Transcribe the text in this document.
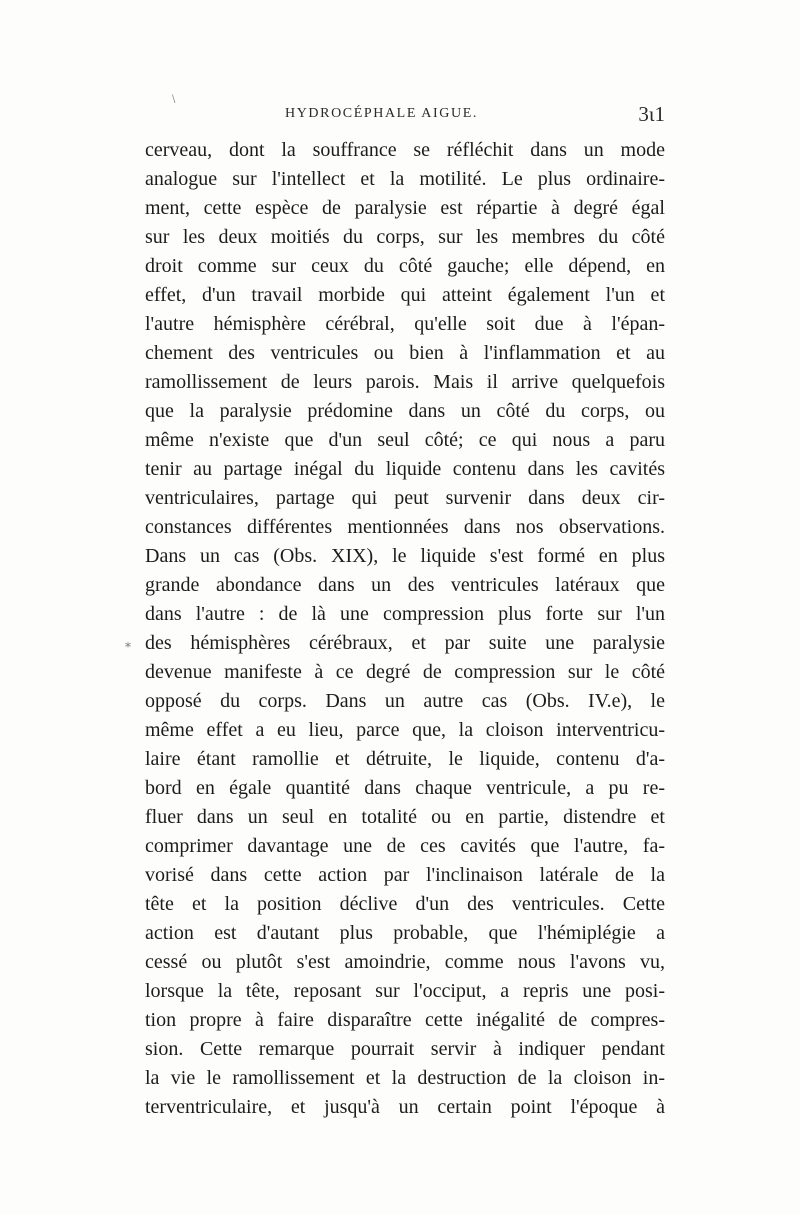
\
HYDROCÉPHALE AIGUE.	3ɩ1
*
cerveau, dont la souffrance se réfléchit dans un mode
analogue sur l'intellect et la motilité. Le plus ordinaire-
ment, cette espèce de paralysie est répartie à degré égal
sur les deux moitiés du corps, sur les membres du côté
droit comme sur ceux du côté gauche; elle dépend, en
effet, d'un travail morbide qui atteint également l'un et
l'autre hémisphère cérébral, qu'elle soit due à l'épan-
chement des ventricules ou bien à l'inflammation et au
ramollissement de leurs parois. Mais il arrive quelquefois
que la paralysie prédomine dans un côté du corps, ou
même n'existe que d'un seul côté; ce qui nous a paru
tenir au partage inégal du liquide contenu dans les cavités
ventriculaires, partage qui peut survenir dans deux cir-
constances différentes mentionnées dans nos observations.
Dans un cas (Obs. XIX), le liquide s'est formé en plus
grande abondance dans un des ventricules latéraux que
dans l'autre : de là une compression plus forte sur l'un
des hémisphères cérébraux, et par suite une paralysie
devenue manifeste à ce degré de compression sur le côté
opposé du corps. Dans un autre cas (Obs. IV.e), le
même effet a eu lieu, parce que, la cloison interventricu-
laire étant ramollie et détruite, le liquide, contenu d'a-
bord en égale quantité dans chaque ventricule, a pu re-
fluer dans un seul en totalité ou en partie, distendre et
comprimer davantage une de ces cavités que l'autre, fa-
vorisé dans cette action par l'inclinaison latérale de la
tête et la position déclive d'un des ventricules. Cette
action est d'autant plus probable, que l'hémiplégie a
cessé ou plutôt s'est amoindrie, comme nous l'avons vu,
lorsque la tête, reposant sur l'occiput, a repris une posi-
tion propre à faire disparaître cette inégalité de compres-
sion. Cette remarque pourrait servir à indiquer pendant
la vie le ramollissement et la destruction de la cloison in-
terventriculaire, et jusqu'à un certain point l'époque à
